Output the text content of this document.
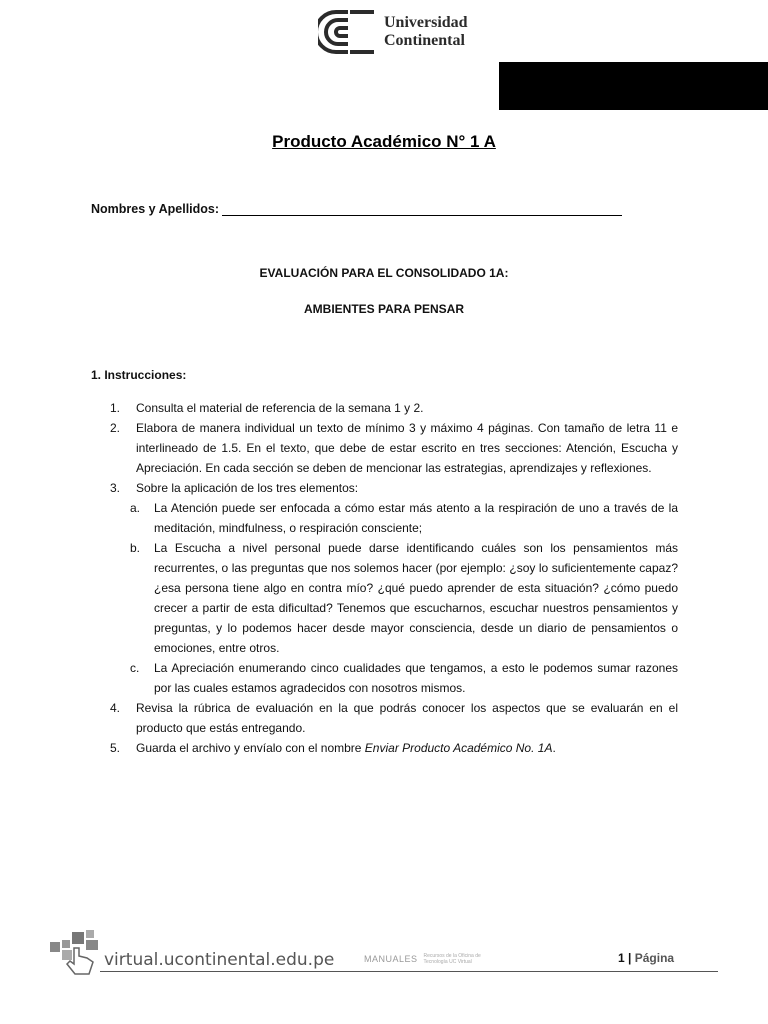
Universidad
Continental
Producto Académico N° 1 A
Nombres y Apellidos:
EVALUACIÓN PARA EL CONSOLIDADO 1A:
AMBIENTES PARA PENSAR
1. Instrucciones:
1. Consulta el material de referencia de la semana 1 y 2.
2. Elabora de manera individual un texto de mínimo 3 y máximo 4 páginas. Con tamaño de letra 11 e interlineado de 1.5. En el texto, que debe de estar escrito en tres secciones: Atención, Escucha y Apreciación. En cada sección se deben de mencionar las estrategias, aprendizajes y reflexiones.
3. Sobre la aplicación de los tres elementos:
a. La Atención puede ser enfocada a cómo estar más atento a la respiración de uno a través de la meditación, mindfulness, o respiración consciente;
b. La Escucha a nivel personal puede darse identificando cuáles son los pensamientos más recurrentes, o las preguntas que nos solemos hacer (por ejemplo: ¿soy lo suficientemente capaz? ¿esa persona tiene algo en contra mío? ¿qué puedo aprender de esta situación? ¿cómo puedo crecer a partir de esta dificultad? Tenemos que escucharnos, escuchar nuestros pensamientos y preguntas, y lo podemos hacer desde mayor consciencia, desde un diario de pensamientos o emociones, entre otros.
c. La Apreciación enumerando cinco cualidades que tengamos, a esto le podemos sumar razones por las cuales estamos agradecidos con nosotros mismos.
4. Revisa la rúbrica de evaluación en la que podrás conocer los aspectos que se evaluarán en el producto que estás entregando.
5. Guarda el archivo y envíalo con el nombre Enviar Producto Académico No. 1A.
virtual.ucontinental.edu.pe	MANUALES Recursos de la Oficina de Tecnología UC Virtual	1 | Página
